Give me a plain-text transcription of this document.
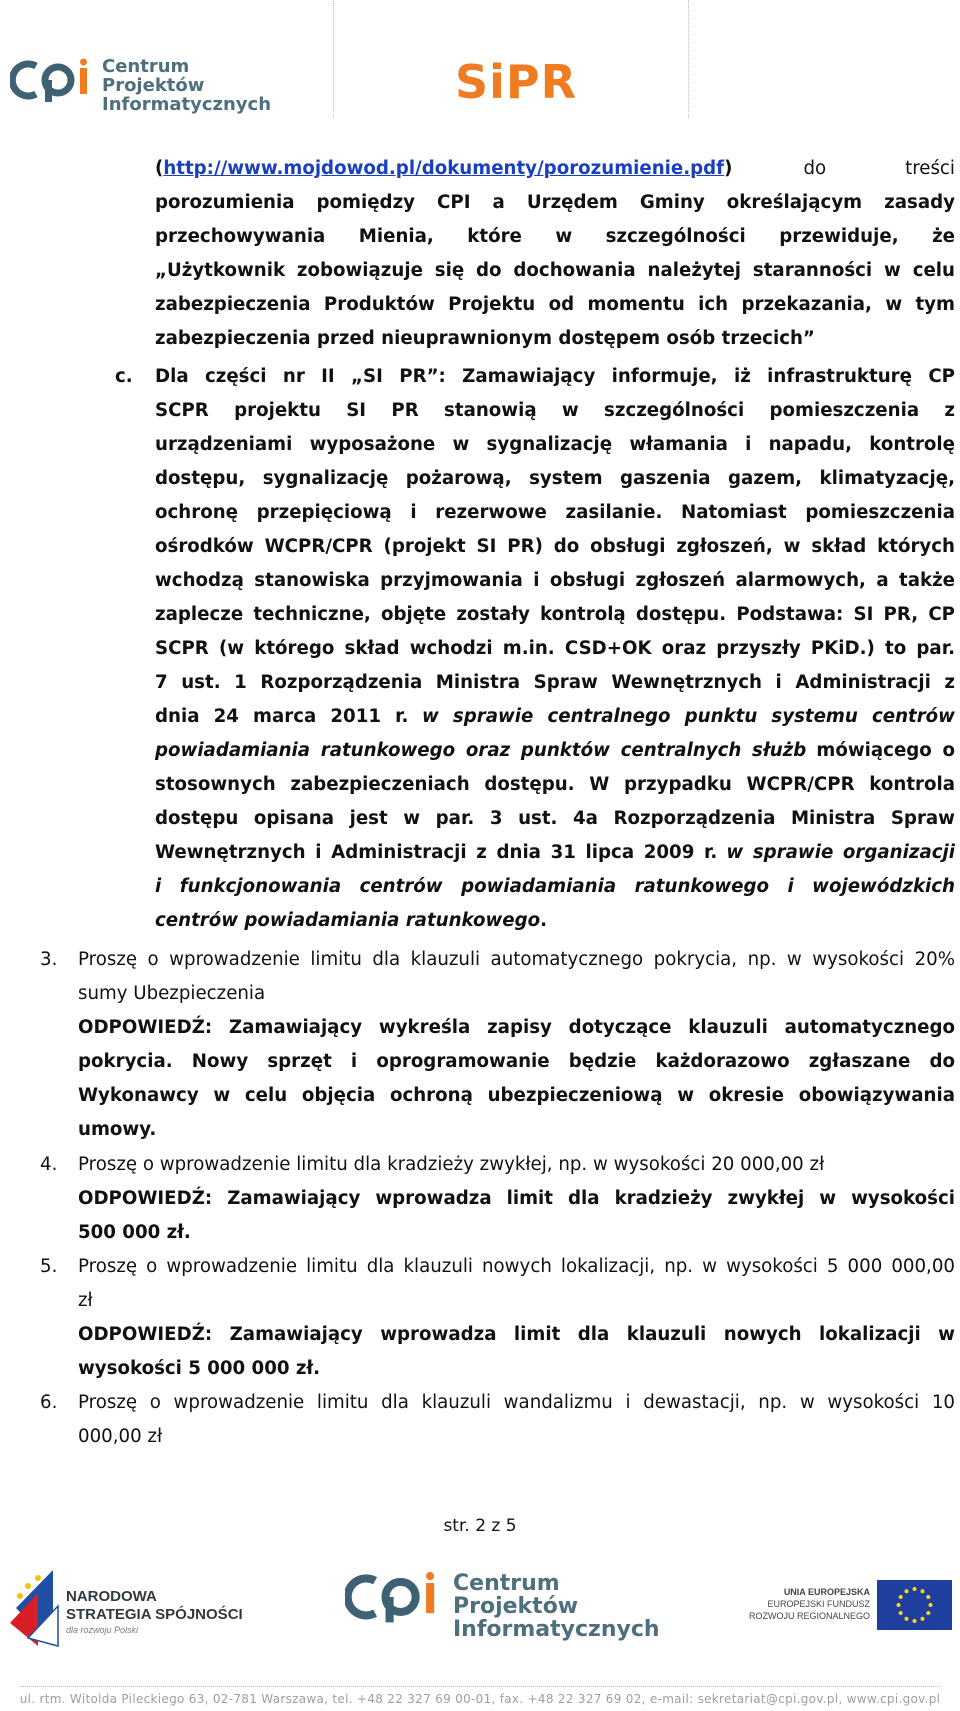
Centrum Projektów
Informatycznych	SiPR
(http://www.mojdowod.pl/dokumenty/porozumienie.pdf)         do          treści
porozumienia pomiędzy CPI a Urzędem Gminy określającym zasady
przechowywania Mienia, które w szczególności przewiduje, że
„Użytkownik zobowiązuje się do dochowania należytej staranności w celu
zabezpieczenia Produktów Projektu od momentu ich przekazania, w tym
zabezpieczenia przed nieuprawnionym dostępem osób trzecich”
c. Dla części nr II „SI PR”: Zamawiający informuje, iż infrastrukturę CP
SCPR projektu SI PR stanowią w szczególności pomieszczenia z
urządzeniami wyposażone w sygnalizację włamania i napadu, kontrolę
dostępu, sygnalizację pożarową, system gaszenia gazem, klimatyzację,
ochronę przepięciową i rezerwowe zasilanie. Natomiast pomieszczenia
ośrodków WCPR/CPR (projekt SI PR) do obsługi zgłoszeń, w skład których
wchodzą stanowiska przyjmowania i obsługi zgłoszeń alarmowych, a także
zaplecze techniczne, objęte zostały kontrolą dostępu. Podstawa: SI PR, CP
SCPR (w którego skład wchodzi m.in. CSD+OK oraz przyszły PKiD.) to par.
7 ust. 1 Rozporządzenia Ministra Spraw Wewnętrznych i Administracji z
dnia 24 marca 2011 r. w sprawie centralnego punktu systemu centrów
powiadamiania ratunkowego oraz punktów centralnych służb mówiącego o
stosownych zabezpieczeniach dostępu. W przypadku WCPR/CPR kontrola
dostępu opisana jest w par. 3 ust. 4a Rozporządzenia Ministra Spraw
Wewnętrznych i Administracji z dnia 31 lipca 2009 r. w sprawie organizacji
i funkcjonowania centrów powiadamiania ratunkowego i wojewódzkich
centrów powiadamiania ratunkowego.
3. Proszę o wprowadzenie limitu dla klauzuli automatycznego pokrycia, np. w wysokości 20%
sumy Ubezpieczenia
ODPOWIEDŹ: Zamawiający wykreśla zapisy dotyczące klauzuli automatycznego
pokrycia. Nowy sprzęt i oprogramowanie będzie każdorazowo zgłaszane do
Wykonawcy w celu objęcia ochroną ubezpieczeniową w okresie obowiązywania
umowy.
4. Proszę o wprowadzenie limitu dla kradzieży zwykłej, np. w wysokości 20 000,00 zł
ODPOWIEDŹ: Zamawiający wprowadza limit dla kradzieży zwykłej w wysokości
500 000 zł.
5. Proszę o wprowadzenie limitu dla klauzuli nowych lokalizacji, np. w wysokości 5 000 000,00
zł
ODPOWIEDŹ: Zamawiający wprowadza limit dla klauzuli nowych lokalizacji w
wysokości 5 000 000 zł.
6. Proszę o wprowadzenie limitu dla klauzuli wandalizmu i dewastacji, np. w wysokości 10
000,00 zł
str. 2 z 5
NARODOWA
STRATEGIA SPÓJNOŚCI
dla rozwoju Polski
Centrum Projektów
Informatycznych
UNIA EUROPEJSKA
EUROPEJSKI FUNDUSZ
ROZWOJU REGIONALNEGO
ul. rtm. Witolda Pileckiego 63, 02-781 Warszawa, tel. +48 22 327 69 00-01, fax. +48 22 327 69 02, e-mail: sekretariat@cpi.gov.pl, www.cpi.gov.pl
